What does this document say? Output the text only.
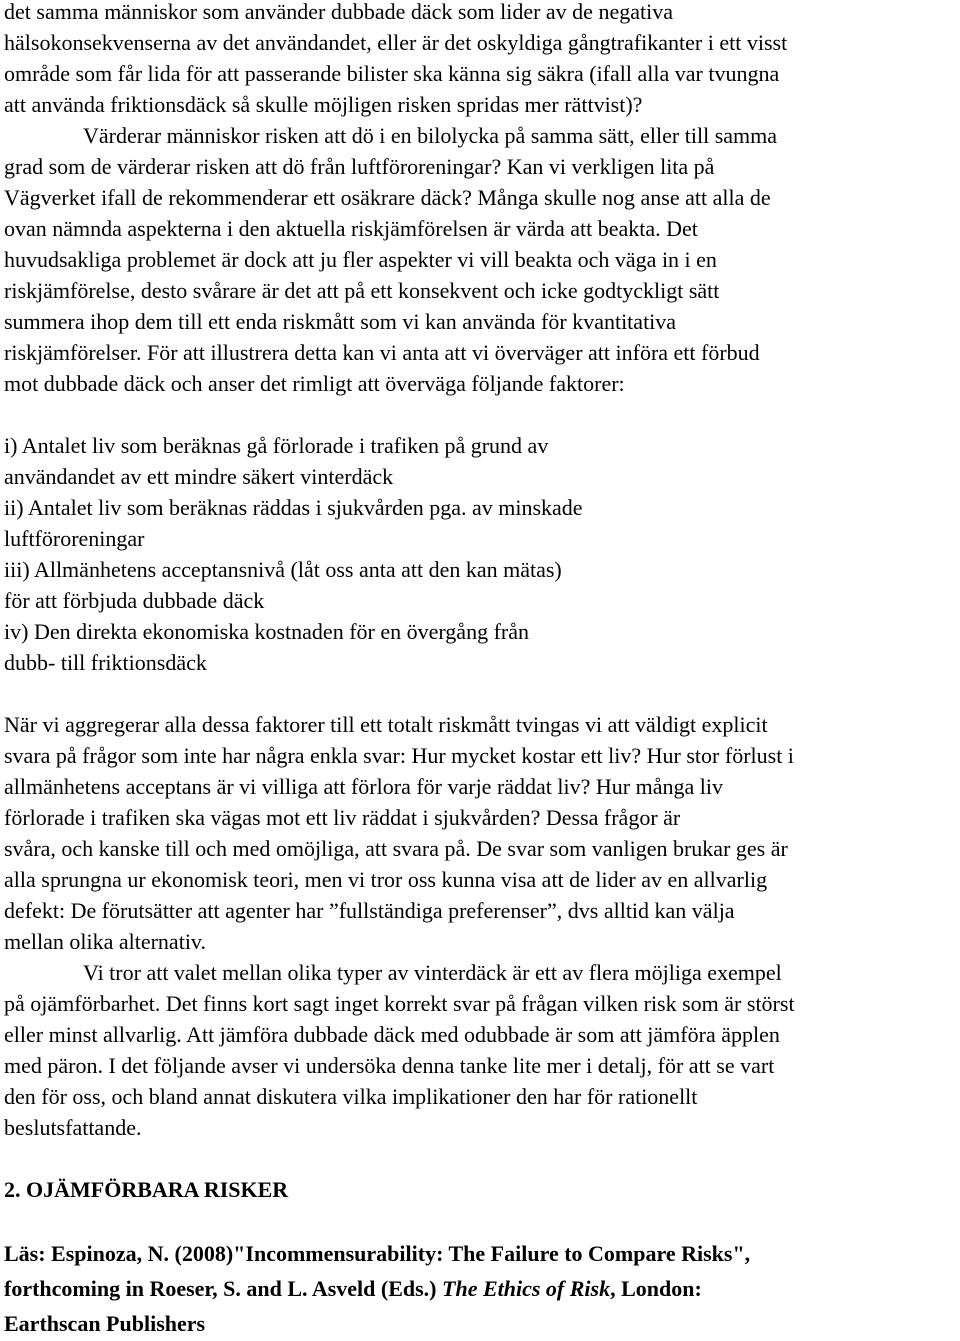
det samma människor som använder dubbade däck som lider av de negativa
hälsokonsekvenserna av det användandet, eller är det oskyldiga gångtrafikanter i ett visst
område som får lida för att passerande bilister ska känna sig säkra (ifall alla var tvungna
att använda friktionsdäck så skulle möjligen risken spridas mer rättvist)?
Värderar människor risken att dö i en bilolycka på samma sätt, eller till samma
grad som de värderar risken att dö från luftföroreningar? Kan vi verkligen lita på
Vägverket ifall de rekommenderar ett osäkrare däck? Många skulle nog anse att alla de
ovan nämnda aspekterna i den aktuella riskjämförelsen är värda att beakta. Det
huvudsakliga problemet är dock att ju fler aspekter vi vill beakta och väga in i en
riskjämförelse, desto svårare är det att på ett konsekvent och icke godtyckligt sätt
summera ihop dem till ett enda riskmått som vi kan använda för kvantitativa
riskjämförelser. För att illustrera detta kan vi anta att vi överväger att införa ett förbud
mot dubbade däck och anser det rimligt att överväga följande faktorer:
i) Antalet liv som beräknas gå förlorade i trafiken på grund av
användandet av ett mindre säkert vinterdäck
ii) Antalet liv som beräknas räddas i sjukvården pga. av minskade
luftföroreningar
iii) Allmänhetens acceptansnivå (låt oss anta att den kan mätas)
för att förbjuda dubbade däck
iv) Den direkta ekonomiska kostnaden för en övergång från
dubb- till friktionsdäck
När vi aggregerar alla dessa faktorer till ett totalt riskmått tvingas vi att väldigt explicit
svara på frågor som inte har några enkla svar: Hur mycket kostar ett liv? Hur stor förlust i
allmänhetens acceptans är vi villiga att förlora för varje räddat liv? Hur många liv
förlorade i trafiken ska vägas mot ett liv räddat i sjukvården? Dessa frågor är
svåra, och kanske till och med omöjliga, att svara på. De svar som vanligen brukar ges är
alla sprungna ur ekonomisk teori, men vi tror oss kunna visa att de lider av en allvarlig
defekt: De förutsätter att agenter har ”fullständiga preferenser”, dvs alltid kan välja
mellan olika alternativ.
Vi tror att valet mellan olika typer av vinterdäck är ett av flera möjliga exempel
på ojämförbarhet. Det finns kort sagt inget korrekt svar på frågan vilken risk som är störst
eller minst allvarlig. Att jämföra dubbade däck med odubbade är som att jämföra äpplen
med päron. I det följande avser vi undersöka denna tanke lite mer i detalj, för att se vart
den för oss, och bland annat diskutera vilka implikationer den har för rationellt
beslutsfattande.
2. OJÄMFÖRBARA RISKER
Läs: Espinoza, N. (2008)"Incommensurability: The Failure to Compare Risks",
forthcoming in Roeser, S. and L. Asveld (Eds.) The Ethics of Risk, London:
Earthscan Publishers
